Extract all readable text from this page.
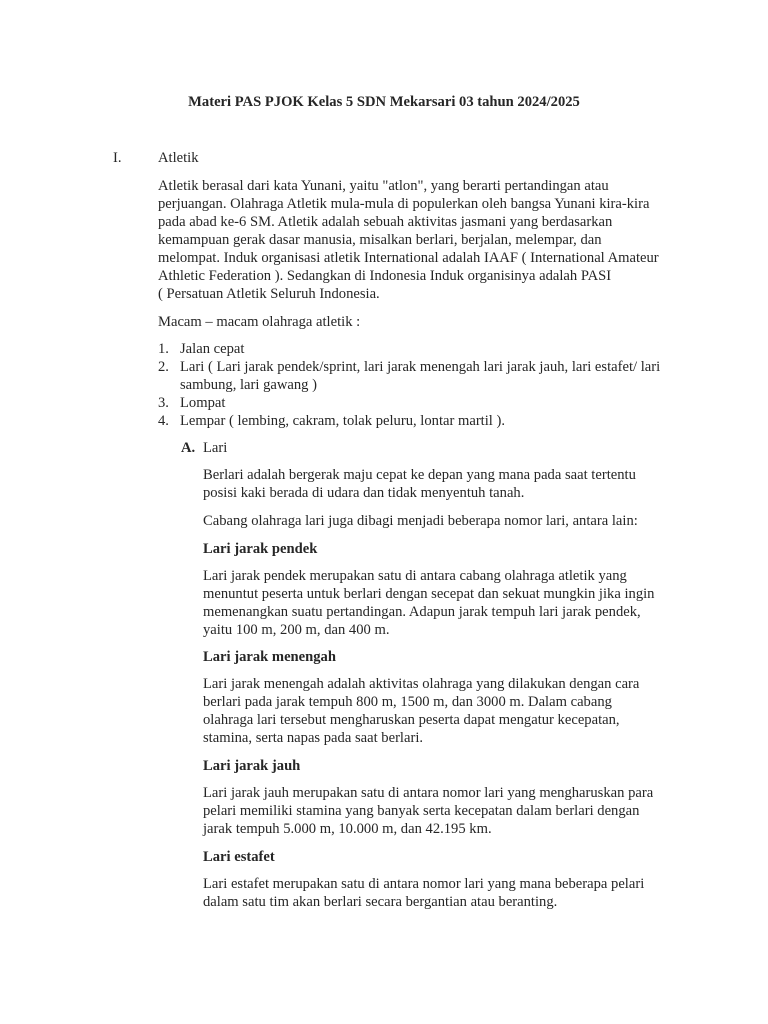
Materi PAS PJOK Kelas 5 SDN Mekarsari 03 tahun 2024/2025
I. Atletik
Atletik berasal dari kata Yunani, yaitu "atlon", yang berarti pertandingan atau
perjuangan. Olahraga Atletik mula-mula di populerkan oleh bangsa Yunani kira-kira
pada abad ke-6 SM. Atletik adalah sebuah aktivitas jasmani yang berdasarkan
kemampuan gerak dasar manusia, misalkan berlari, berjalan, melempar, dan
melompat. Induk organisasi atletik International adalah IAAF ( International Amateur
Athletic Federation ). Sedangkan di Indonesia Induk organisinya adalah PASI
( Persatuan Atletik Seluruh Indonesia.
Macam – macam olahraga atletik :
1. Jalan cepat
2. Lari ( Lari jarak pendek/sprint, lari jarak menengah lari jarak jauh, lari estafet/ lari
sambung, lari gawang )
3. Lompat
4. Lempar ( lembing, cakram, tolak peluru, lontar martil ).
A. Lari
Berlari adalah bergerak maju cepat ke depan yang mana pada saat tertentu
posisi kaki berada di udara dan tidak menyentuh tanah.
Cabang olahraga lari juga dibagi menjadi beberapa nomor lari, antara lain:
Lari jarak pendek
Lari jarak pendek merupakan satu di antara cabang olahraga atletik yang
menuntut peserta untuk berlari dengan secepat dan sekuat mungkin jika ingin
memenangkan suatu pertandingan. Adapun jarak tempuh lari jarak pendek,
yaitu 100 m, 200 m, dan 400 m.
Lari jarak menengah
Lari jarak menengah adalah aktivitas olahraga yang dilakukan dengan cara
berlari pada jarak tempuh 800 m, 1500 m, dan 3000 m. Dalam cabang
olahraga lari tersebut mengharuskan peserta dapat mengatur kecepatan,
stamina, serta napas pada saat berlari.
Lari jarak jauh
Lari jarak jauh merupakan satu di antara nomor lari yang mengharuskan para
pelari memiliki stamina yang banyak serta kecepatan dalam berlari dengan
jarak tempuh 5.000 m, 10.000 m, dan 42.195 km.
Lari estafet
Lari estafet merupakan satu di antara nomor lari yang mana beberapa pelari
dalam satu tim akan berlari secara bergantian atau beranting.
